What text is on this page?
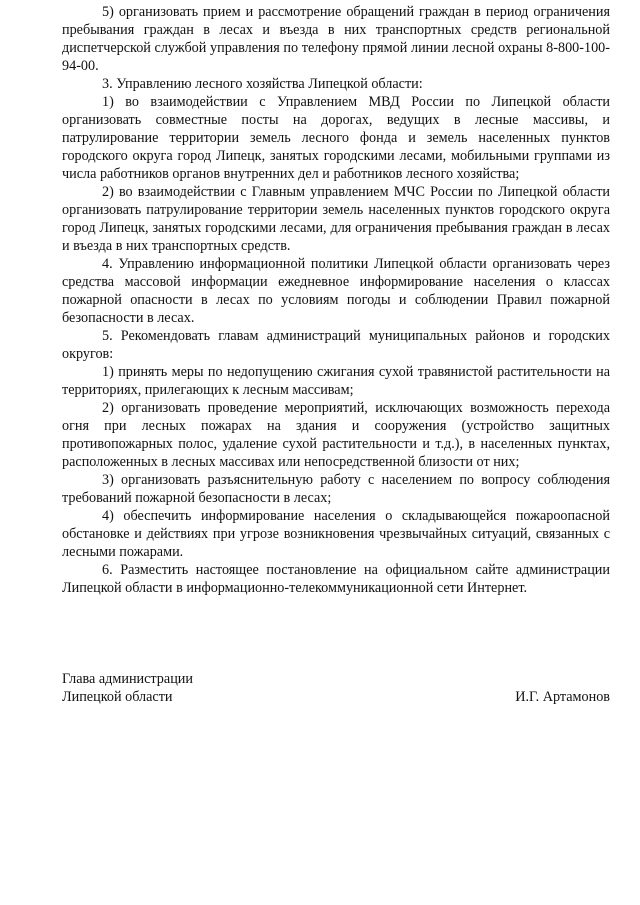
5) организовать прием и рассмотрение обращений граждан в период ограничения пребывания граждан в лесах и въезда в них транспортных средств региональной диспетчерской службой управления по телефону прямой линии лесной охраны 8-800-100-94-00.

3. Управлению лесного хозяйства Липецкой области:

1) во взаимодействии с Управлением МВД России по Липецкой области организовать совместные посты на дорогах, ведущих в лесные массивы, и патрулирование территории земель лесного фонда и земель населенных пунктов городского округа город Липецк, занятых городскими лесами, мобильными группами из числа работников органов внутренних дел и работников лесного хозяйства;

2) во взаимодействии с Главным управлением МЧС России по Липецкой области организовать патрулирование территории земель населенных пунктов городского округа город Липецк, занятых городскими лесами, для ограничения пребывания граждан в лесах и въезда в них транспортных средств.

4. Управлению информационной политики Липецкой области организовать через средства массовой информации ежедневное информирование населения о классах пожарной опасности в лесах по условиям погоды и соблюдении Правил пожарной безопасности в лесах.

5. Рекомендовать главам администраций муниципальных районов и городских округов:

1) принять меры по недопущению сжигания сухой травянистой растительности на территориях, прилегающих к лесным массивам;

2) организовать проведение мероприятий, исключающих возможность перехода огня при лесных пожарах на здания и сооружения (устройство защитных противопожарных полос, удаление сухой растительности и т.д.), в населенных пунктах, расположенных в лесных массивах или непосредственной близости от них;

3) организовать разъяснительную работу с населением по вопросу соблюдения требований пожарной безопасности в лесах;

4) обеспечить информирование населения о складывающейся пожароопасной обстановке и действиях при угрозе возникновения чрезвычайных ситуаций, связанных с лесными пожарами.

6. Разместить настоящее постановление на официальном сайте администрации Липецкой области в информационно-телекоммуникационной сети Интернет.

Глава администрации
Липецкой области	И.Г. Артамонов
